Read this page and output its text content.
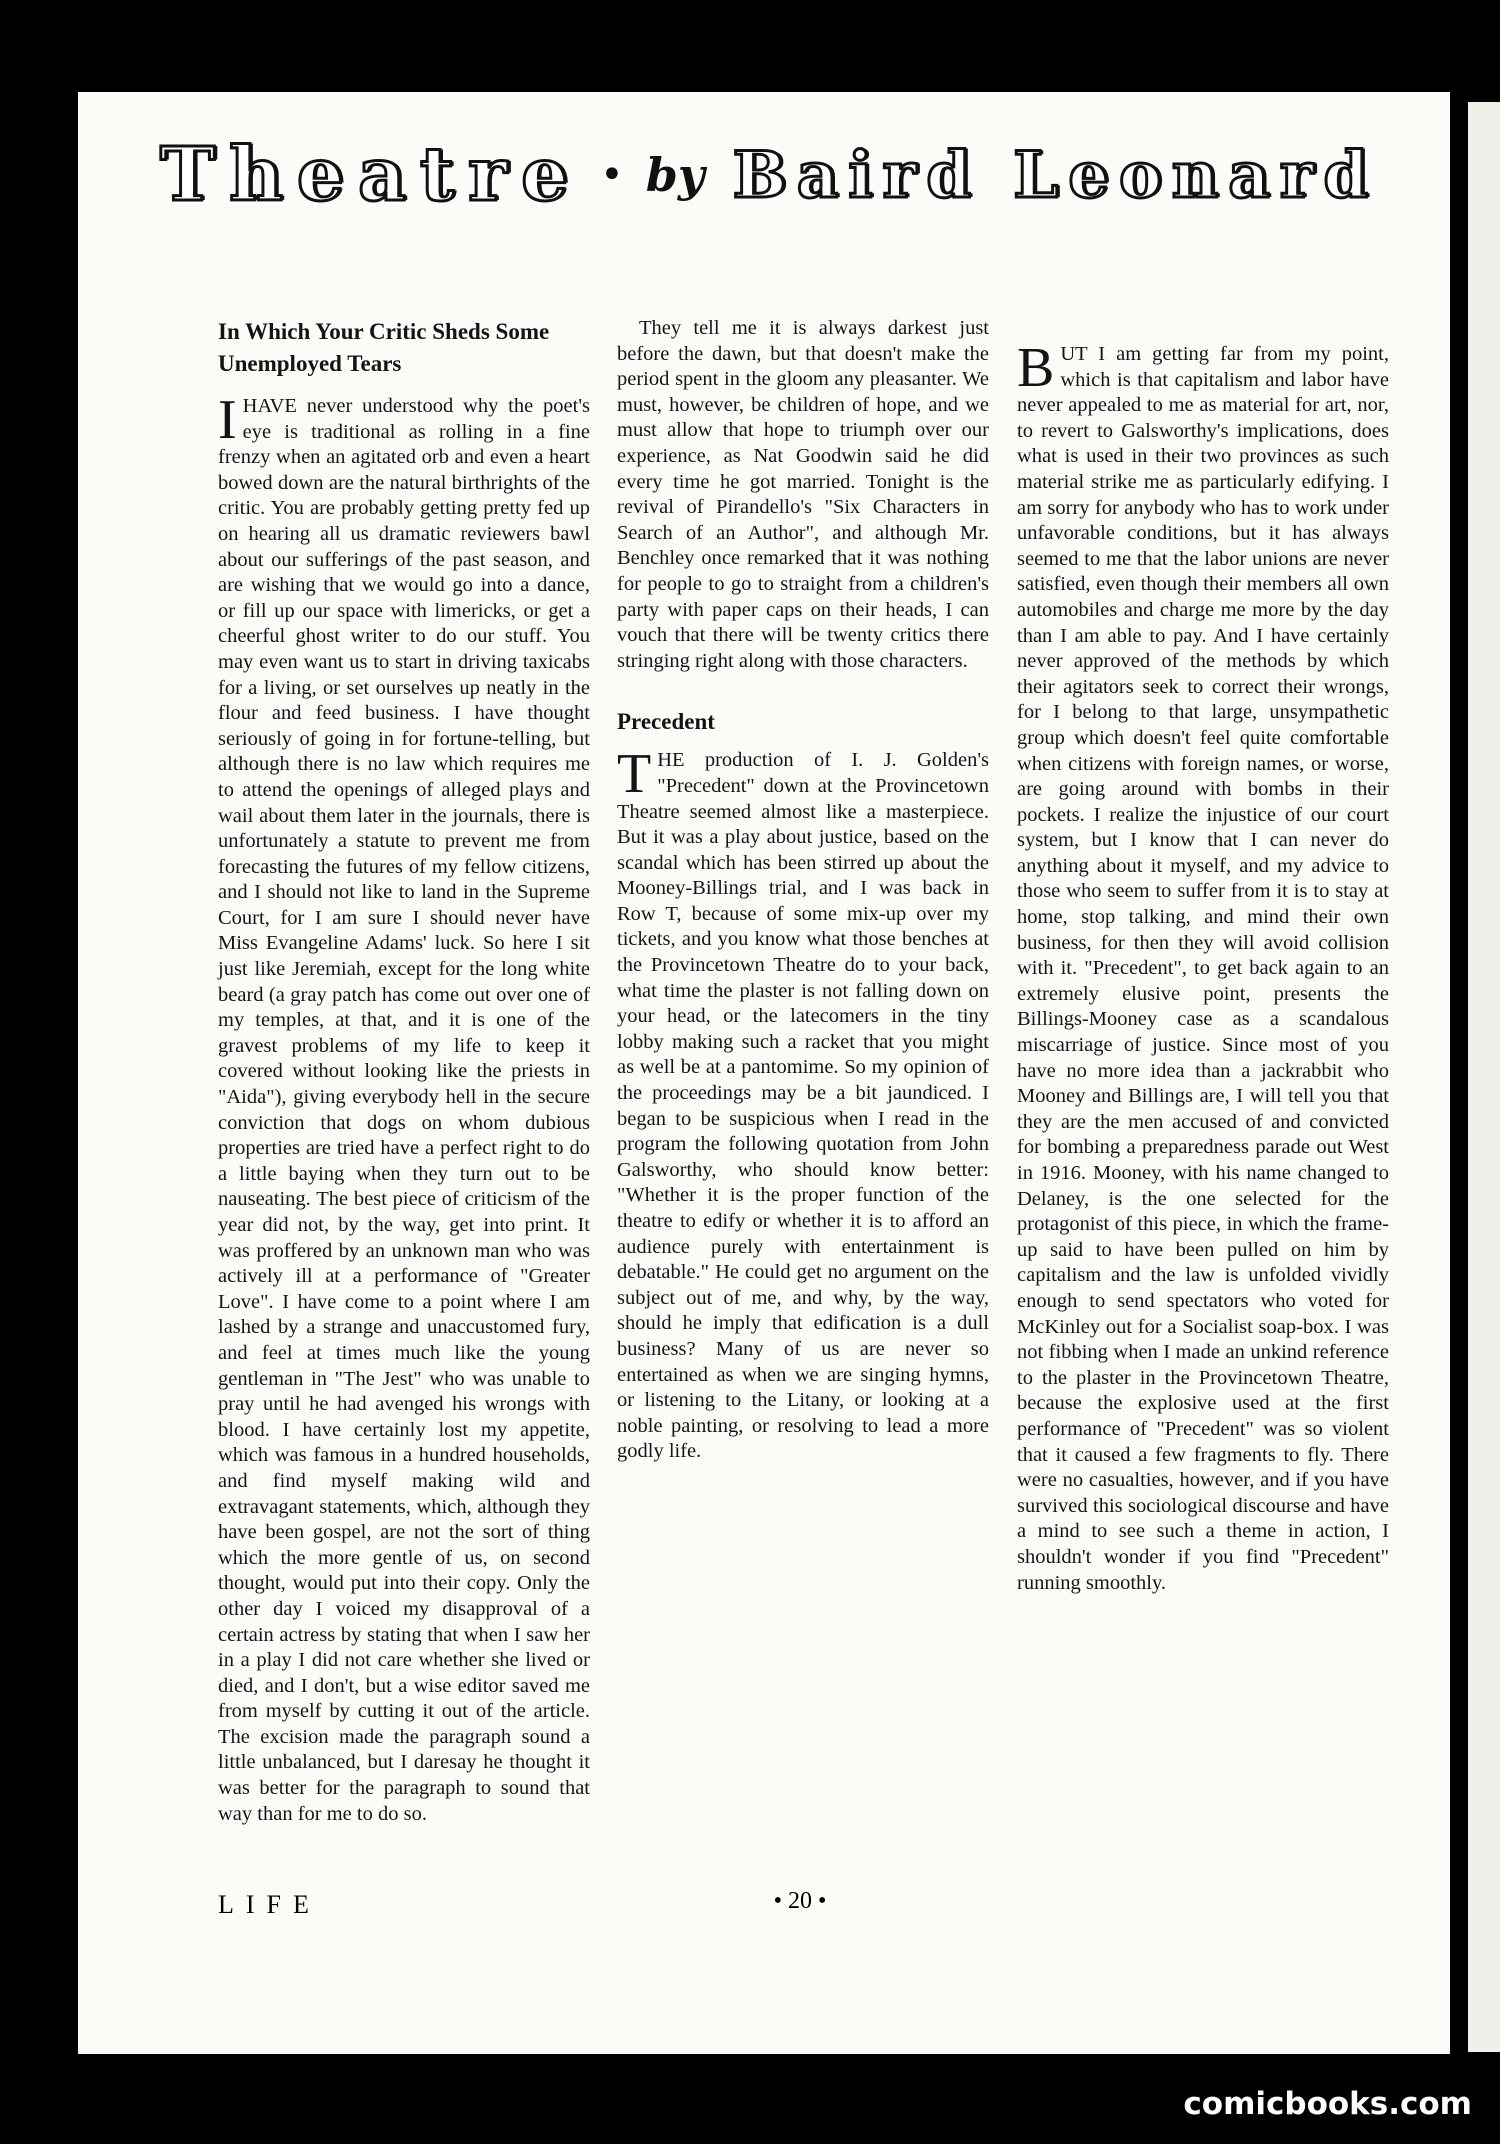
Theatre • by Baird Leonard
In Which Your Critic Sheds Some Unemployed Tears
I HAVE never understood why the poet's eye is traditional as rolling in a fine frenzy when an agitated orb and even a heart bowed down are the natural birthrights of the critic. You are probably getting pretty fed up on hearing all us dramatic reviewers bawl about our sufferings of the past season, and are wishing that we would go into a dance, or fill up our space with limericks, or get a cheerful ghost writer to do our stuff. You may even want us to start in driving taxicabs for a living, or set ourselves up neatly in the flour and feed business. I have thought seriously of going in for fortune-telling, but although there is no law which requires me to attend the openings of alleged plays and wail about them later in the journals, there is unfortunately a statute to prevent me from forecasting the futures of my fellow citizens, and I should not like to land in the Supreme Court, for I am sure I should never have Miss Evangeline Adams' luck. So here I sit just like Jeremiah, except for the long white beard (a gray patch has come out over one of my temples, at that, and it is one of the gravest problems of my life to keep it covered without looking like the priests in "Aida"), giving everybody hell in the secure conviction that dogs on whom dubious properties are tried have a perfect right to do a little baying when they turn out to be nauseating. The best piece of criticism of the year did not, by the way, get into print. It was proffered by an unknown man who was actively ill at a performance of "Greater Love". I have come to a point where I am lashed by a strange and unaccustomed fury, and feel at times much like the young gentleman in "The Jest" who was unable to pray until he had avenged his wrongs with blood. I have certainly lost my appetite, which was famous in a hundred households, and find myself making wild and extravagant statements, which, although they have been gospel, are not the sort of thing which the more gentle of us, on second thought, would put into their copy. Only the other day I voiced my disapproval of a certain actress by stating that when I saw her in a play I did not care whether she lived or died, and I don't, but a wise editor saved me from myself by cutting it out of the article. The excision made the paragraph sound a little unbalanced, but I daresay he thought it was better for the paragraph to sound that way than for me to do so.

They tell me it is always darkest just before the dawn, but that doesn't make the period spent in the gloom any pleasanter. We must, however, be children of hope, and we must allow that hope to triumph over our experience, as Nat Goodwin said he did every time he got married. Tonight is the revival of Pirandello's "Six Characters in Search of an Author", and although Mr. Benchley once remarked that it was nothing for people to go to straight from a children's party with paper caps on their heads, I can vouch that there will be twenty critics there stringing right along with those characters.

Precedent
THE production of I. J. Golden's "Precedent" down at the Provincetown Theatre seemed almost like a masterpiece. But it was a play about justice, based on the scandal which has been stirred up about the Mooney-Billings trial, and I was back in Row T, because of some mix-up over my tickets, and you know what those benches at the Provincetown Theatre do to your back, what time the plaster is not falling down on your head, or the latecomers in the tiny lobby making such a racket that you might as well be at a pantomime. So my opinion of the proceedings may be a bit jaundiced. I began to be suspicious when I read in the program the following quotation from John Galsworthy, who should know better: "Whether it is the proper function of the theatre to edify or whether it is to afford an audience purely with entertainment is debatable." He could get no argument on the subject out of me, and why, by the way, should he imply that edification is a dull business? Many of us are never so entertained as when we are singing hymns, or listening to the Litany, or looking at a noble painting, or resolving to lead a more godly life.
BUT I am getting far from my point, which is that capitalism and labor have never appealed to me as material for art, nor, to revert to Galsworthy's implications, does what is used in their two provinces as such material strike me as particularly edifying. I am sorry for anybody who has to work under unfavorable conditions, but it has always seemed to me that the labor unions are never satisfied, even though their members all own automobiles and charge me more by the day than I am able to pay. And I have certainly never approved of the methods by which their agitators seek to correct their wrongs, for I belong to that large, unsympathetic group which doesn't feel quite comfortable when citizens with foreign names, or worse, are going around with bombs in their pockets. I realize the injustice of our court system, but I know that I can never do anything about it myself, and my advice to those who seem to suffer from it is to stay at home, stop talking, and mind their own business, for then they will avoid collision with it. "Precedent", to get back again to an extremely elusive point, presents the Billings-Mooney case as a scandalous miscarriage of justice. Since most of you have no more idea than a jackrabbit who Mooney and Billings are, I will tell you that they are the men accused of and convicted for bombing a preparedness parade out West in 1916. Mooney, with his name changed to Delaney, is the one selected for the protagonist of this piece, in which the frame-up said to have been pulled on him by capitalism and the law is unfolded vividly enough to send spectators who voted for McKinley out for a Socialist soap-box. I was not fibbing when I made an unkind reference to the plaster in the Provincetown Theatre, because the explosive used at the first performance of "Precedent" was so violent that it caused a few fragments to fly. There were no casualties, however, and if you have survived this sociological discourse and have a mind to see such a theme in action, I shouldn't wonder if you find "Precedent" running smoothly.
LIFE	• 20 •
comicbooks.com
